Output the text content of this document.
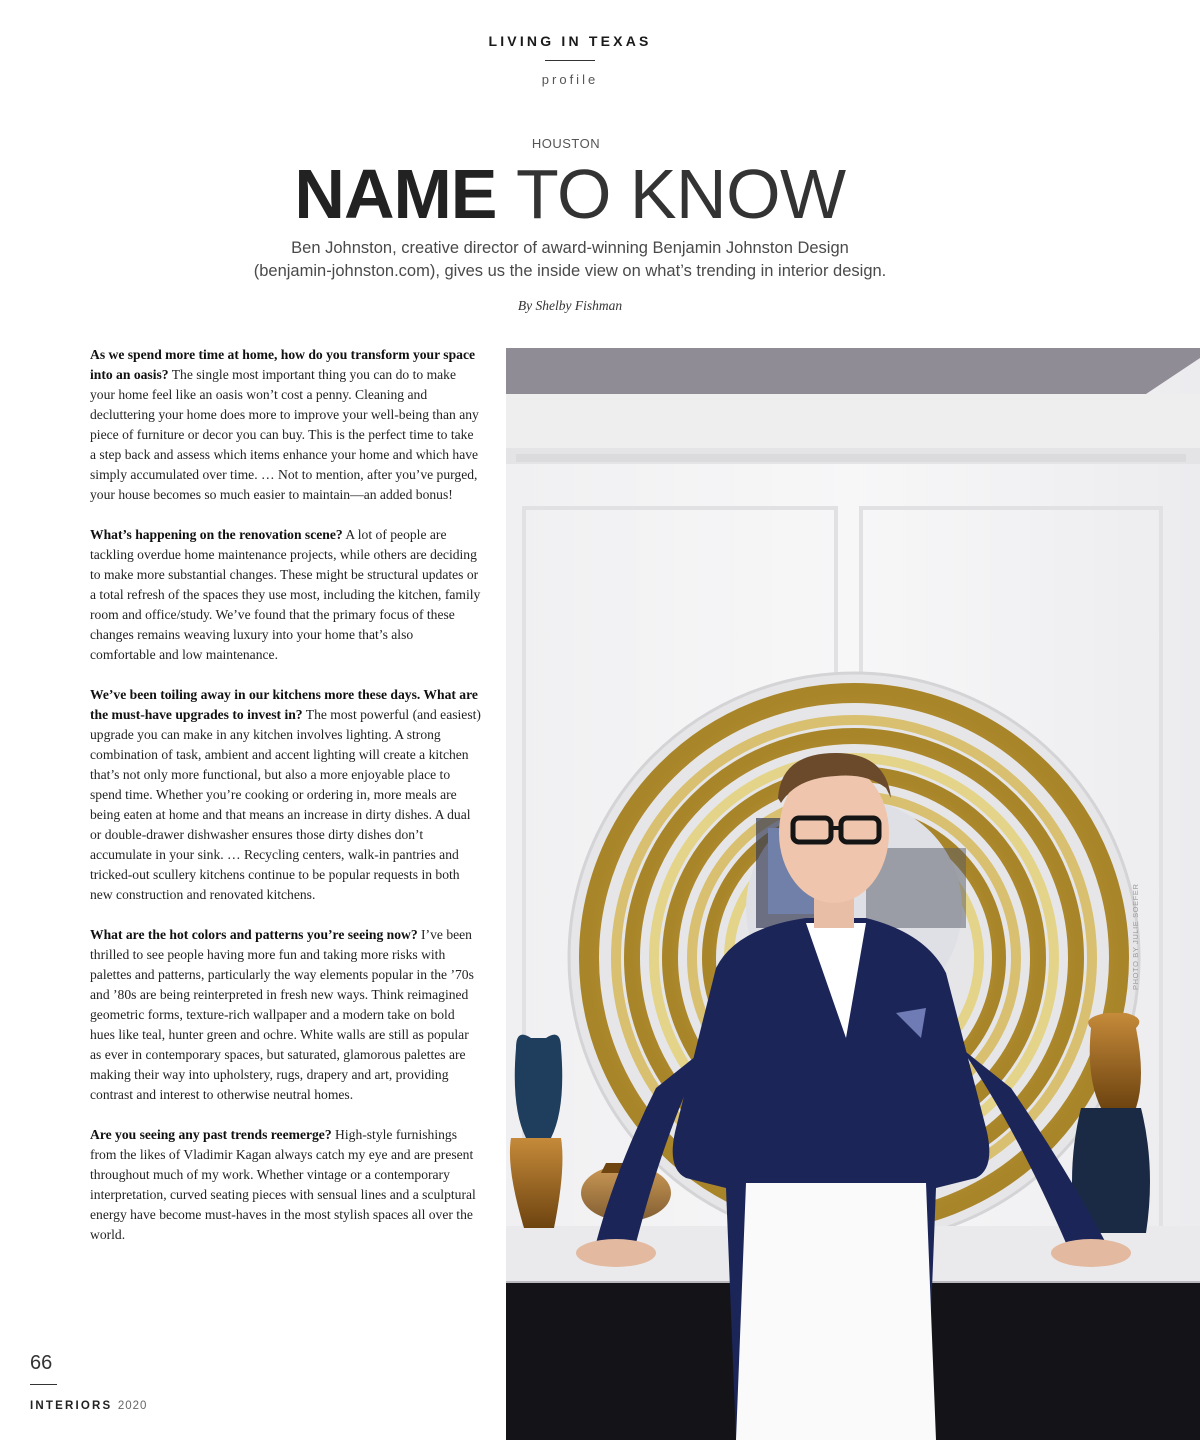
LIVING IN TEXAS
profile
HOUSTON
NAME TO KNOW
Ben Johnston, creative director of award-winning Benjamin Johnston Design
(benjamin-johnston.com), gives us the inside view on what’s trending in interior design.
By Shelby Fishman

As we spend more time at home, how do you transform your space into an oasis? The single most important thing you can do to make your home feel like an oasis won’t cost a penny. Cleaning and decluttering your home does more to improve your well-being than any piece of furniture or decor you can buy. This is the perfect time to take a step back and assess which items enhance your home and which have simply accumulated over time. … Not to mention, after you’ve purged, your house becomes so much easier to maintain—an added bonus!

What’s happening on the renovation scene? A lot of people are tackling overdue home maintenance projects, while others are deciding to make more substantial changes. These might be structural updates or a total refresh of the spaces they use most, including the kitchen, family room and office/study. We’ve found that the primary focus of these changes remains weaving luxury into your home that’s also comfortable and low maintenance.

We’ve been toiling away in our kitchens more these days. What are the must-have upgrades to invest in? The most powerful (and easiest) upgrade you can make in any kitchen involves lighting. A strong combination of task, ambient and accent lighting will create a kitchen that’s not only more functional, but also a more enjoyable place to spend time. Whether you’re cooking or ordering in, more meals are being eaten at home and that means an increase in dirty dishes. A dual or double-drawer dishwasher ensures those dirty dishes don’t accumulate in your sink. … Recycling centers, walk-in pantries and tricked-out scullery kitchens continue to be popular requests in both new construction and renovated kitchens.

What are the hot colors and patterns you’re seeing now? I’ve been thrilled to see people having more fun and taking more risks with palettes and patterns, particularly the way elements popular in the ’70s and ’80s are being reinterpreted in fresh new ways. Think reimagined geometric forms, texture-rich wallpaper and a modern take on bold hues like teal, hunter green and ochre. White walls are still as popular as ever in contemporary spaces, but saturated, glamorous palettes are making their way into upholstery, rugs, drapery and art, providing contrast and interest to otherwise neutral homes.

Are you seeing any past trends reemerge? High-style furnishings from the likes of Vladimir Kagan always catch my eye and are present throughout much of my work. Whether vintage or a contemporary interpretation, curved seating pieces with sensual lines and a sculptural energy have become must-haves in the most stylish spaces all over the world.

PHOTO BY JULIE SOEFER
66
INTERIORS 2020
